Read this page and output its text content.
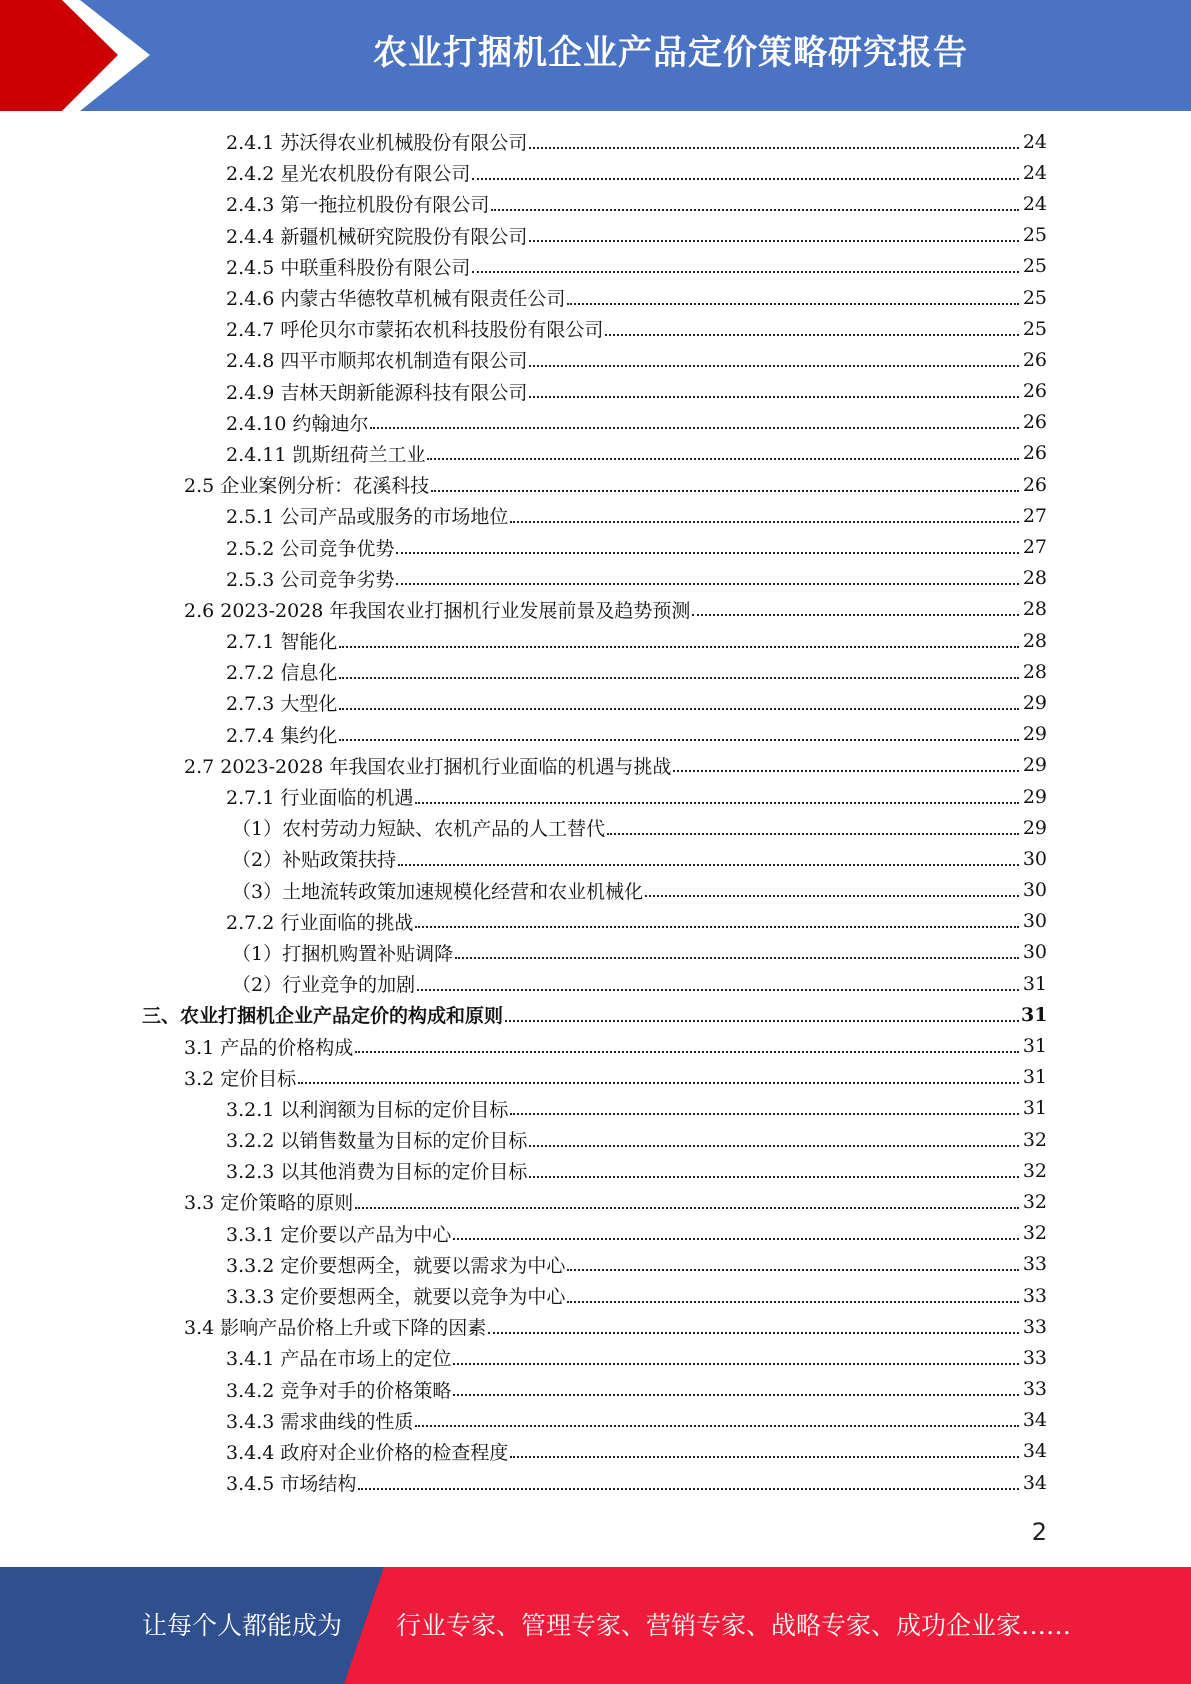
农业打捆机企业产品定价策略研究报告
2.4.1 苏沃得农业机械股份有限公司	24
2.4.2 星光农机股份有限公司	24
2.4.3 第一拖拉机股份有限公司	24
2.4.4 新疆机械研究院股份有限公司	25
2.4.5 中联重科股份有限公司	25
2.4.6 内蒙古华德牧草机械有限责任公司	25
2.4.7 呼伦贝尔市蒙拓农机科技股份有限公司	25
2.4.8 四平市顺邦农机制造有限公司	26
2.4.9 吉林天朗新能源科技有限公司	26
2.4.10 约翰迪尔	26
2.4.11 凯斯纽荷兰工业	26
2.5 企业案例分析：花溪科技	26
2.5.1 公司产品或服务的市场地位	27
2.5.2 公司竞争优势	27
2.5.3 公司竞争劣势	28
2.6 2023-2028 年我国农业打捆机行业发展前景及趋势预测	28
2.7.1 智能化	28
2.7.2 信息化	28
2.7.3 大型化	29
2.7.4 集约化	29
2.7 2023-2028 年我国农业打捆机行业面临的机遇与挑战	29
2.7.1 行业面临的机遇	29
（1）农村劳动力短缺、农机产品的人工替代	29
（2）补贴政策扶持	30
（3）土地流转政策加速规模化经营和农业机械化	30
2.7.2 行业面临的挑战	30
（1）打捆机购置补贴调降	30
（2）行业竞争的加剧	31
三、农业打捆机企业产品定价的构成和原则	31
3.1 产品的价格构成	31
3.2 定价目标	31
3.2.1 以利润额为目标的定价目标	31
3.2.2 以销售数量为目标的定价目标	32
3.2.3 以其他消费为目标的定价目标	32
3.3 定价策略的原则	32
3.3.1 定价要以产品为中心	32
3.3.2 定价要想两全，就要以需求为中心	33
3.3.3 定价要想两全，就要以竞争为中心	33
3.4 影响产品价格上升或下降的因素	33
3.4.1 产品在市场上的定位	33
3.4.2 竞争对手的价格策略	33
3.4.3 需求曲线的性质	34
3.4.4 政府对企业价格的检查程度	34
3.4.5 市场结构	34
2
让每个人都能成为 行业专家、管理专家、营销专家、战略专家、成功企业家……
